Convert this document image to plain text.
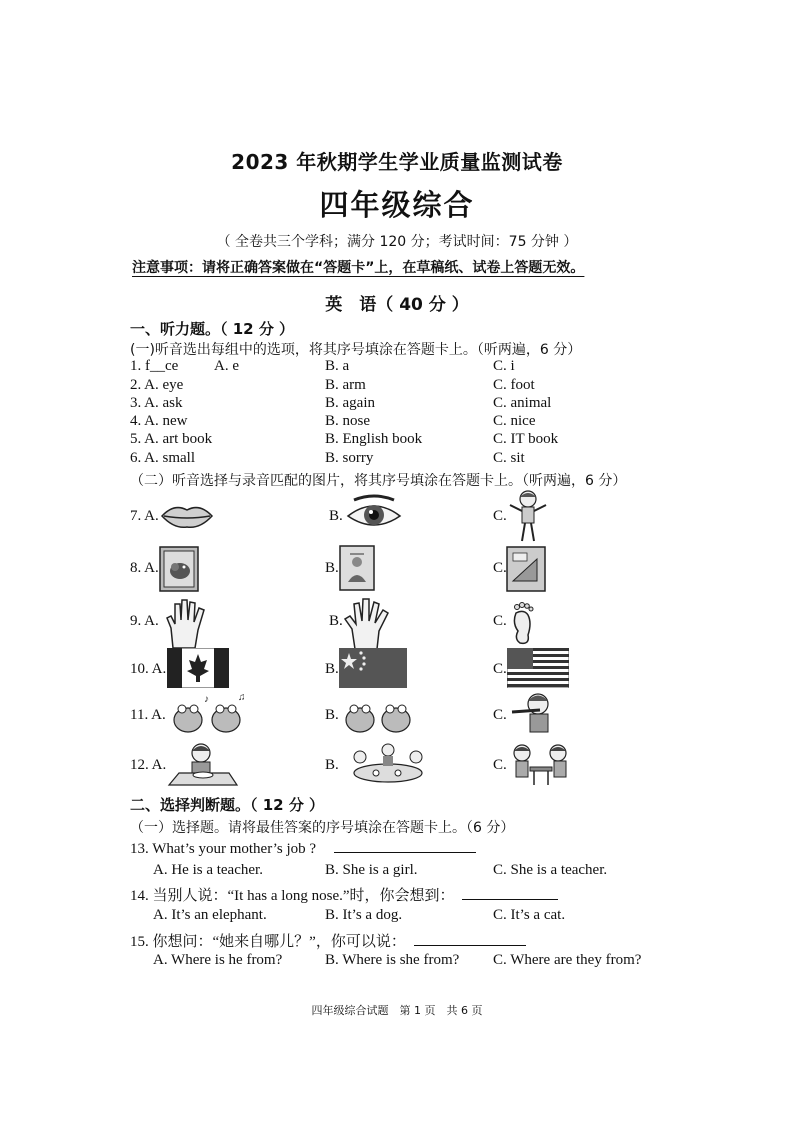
2023 年秋期学生学业质量监测试卷
四年级综合
（ 全卷共三个学科；满分 120 分；考试时间：75 分钟 ）
注意事项：请将正确答案做在“答题卡”上，在草稿纸、试卷上答题无效。
英　语（ 40 分 ）
一、听力题。（ 12 分 ）
(一)听音选出每组中的选项，将其序号填涂在答题卡上。（听两遍，6 分）
1. f__ce A. e	B. a	C. i
2. A. eye	B. arm	C. foot
3. A. ask	B. again	C. animal
4. A. new	B. nose	C. nice
5. A. art book	B. English book	C. IT book
6. A. small	B. sorry	C. sit
（二）听音选择与录音匹配的图片，将其序号填涂在答题卡上。（听两遍，6 分）
7. A.	B.	C.
8. A.	B.	C.
9. A.	B.	C.
10. A.	B.	C.
11. A.	B.	C.
12. A.	B.	C.
♪	♫
二、选择判断题。（ 12 分 ）
（一）选择题。请将最佳答案的序号填涂在答题卡上。（6 分）
13. What’s your mother’s job ?
A. He is a teacher.	B. She is a girl.	C. She is a teacher.
14. 当别人说：“It has a long nose.”时，你会想到：
A. It’s an elephant.	B. It’s a dog.	C. It’s a cat.
15. 你想问：“她来自哪儿？”，你可以说：
A. Where is he from?	B. Where is she from? C. Where are they from?
四年级综合试题　第 1 页　共 6 页
